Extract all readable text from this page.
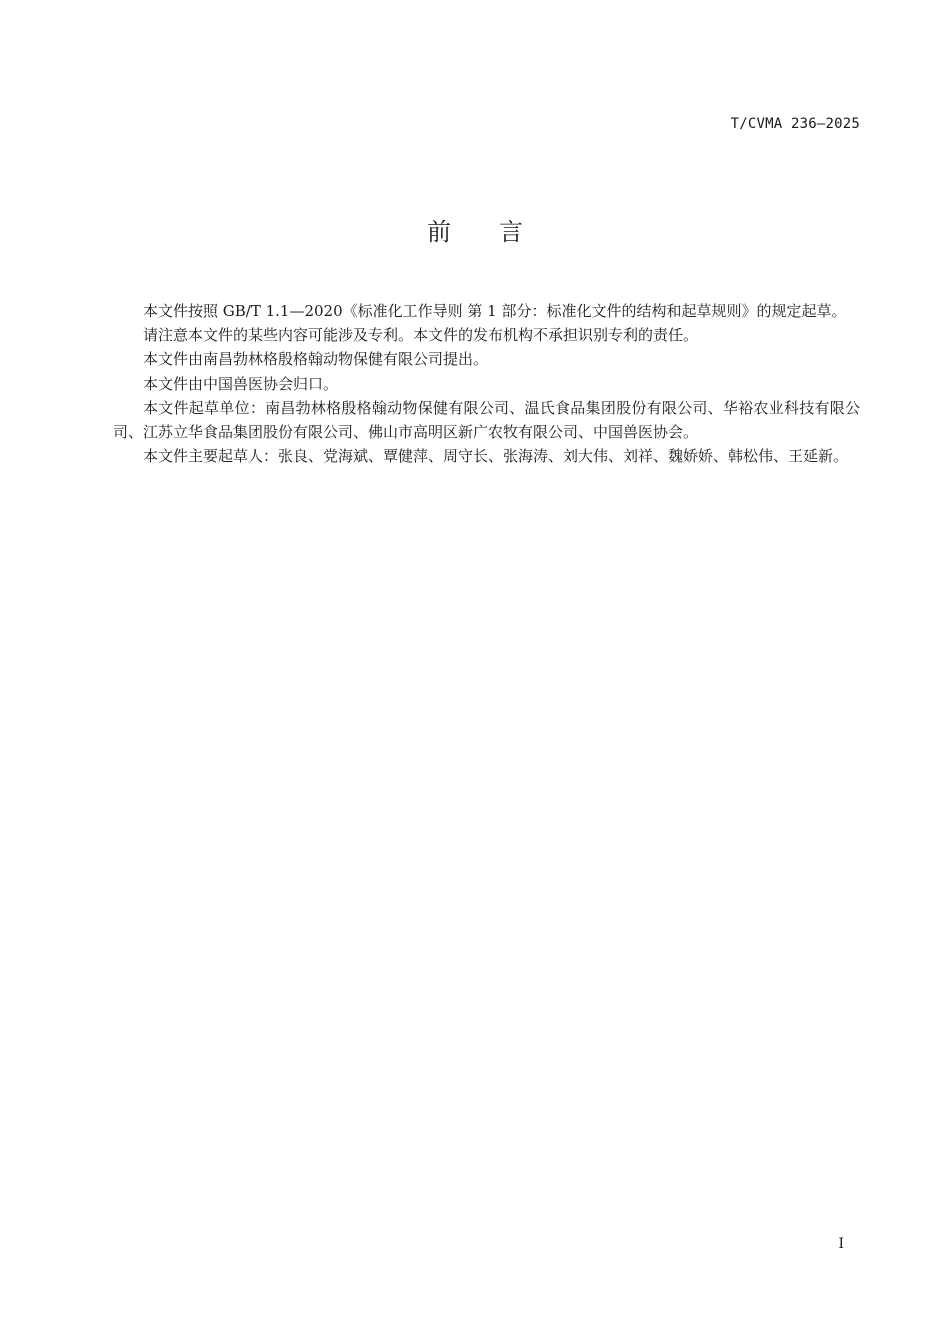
T/CVMA 236—2025
前言

本文件按照 GB/T 1.1—2020《标准化工作导则 第 1 部分：标准化文件的结构和起草规则》的规定起草。

请注意本文件的某些内容可能涉及专利。本文件的发布机构不承担识别专利的责任。

本文件由南昌勃林格殷格翰动物保健有限公司提出。

本文件由中国兽医协会归口。

本文件起草单位：南昌勃林格殷格翰动物保健有限公司、温氏食品集团股份有限公司、华裕农业科技有限公司、江苏立华食品集团股份有限公司、佛山市高明区新广农牧有限公司、中国兽医协会。

本文件主要起草人：张良、党海斌、覃健萍、周守长、张海涛、刘大伟、刘祥、魏娇娇、韩松伟、王延新。

I
